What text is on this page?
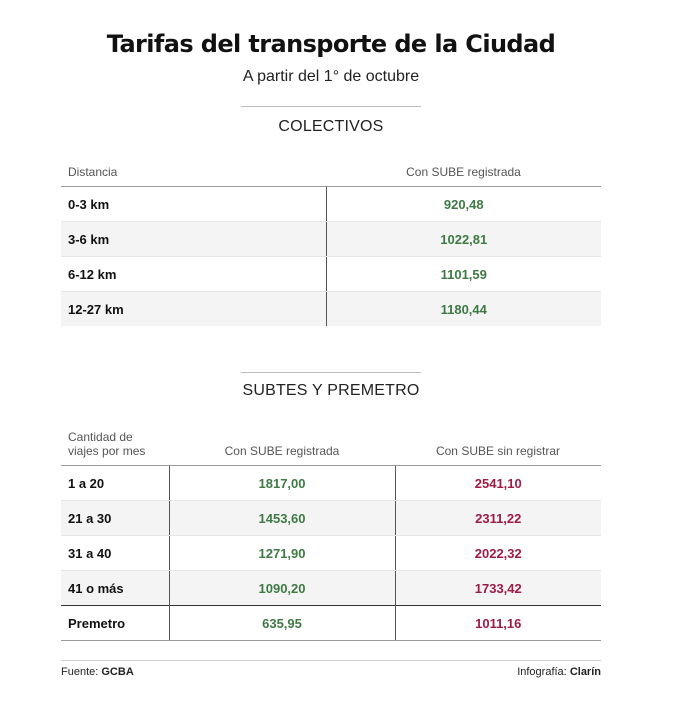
Tarifas del transporte de la Ciudad
A partir del 1° de octubre
COLECTIVOS
Distancia	Con SUBE registrada
0-3 km	920,48
3-6 km	1022,81
6-12 km	1101,59
12-27 km	1180,44
SUBTES Y PREMETRO
Cantidad de
viajes por mes	Con SUBE registrada	Con SUBE sin registrar
1 a 20	1817,00	2541,10
21 a 30	1453,60	2311,22
31 a 40	1271,90	2022,32
41 o más	1090,20	1733,42
Premetro	635,95	1011,16
Fuente: GCBA	Infografía: Clarín
